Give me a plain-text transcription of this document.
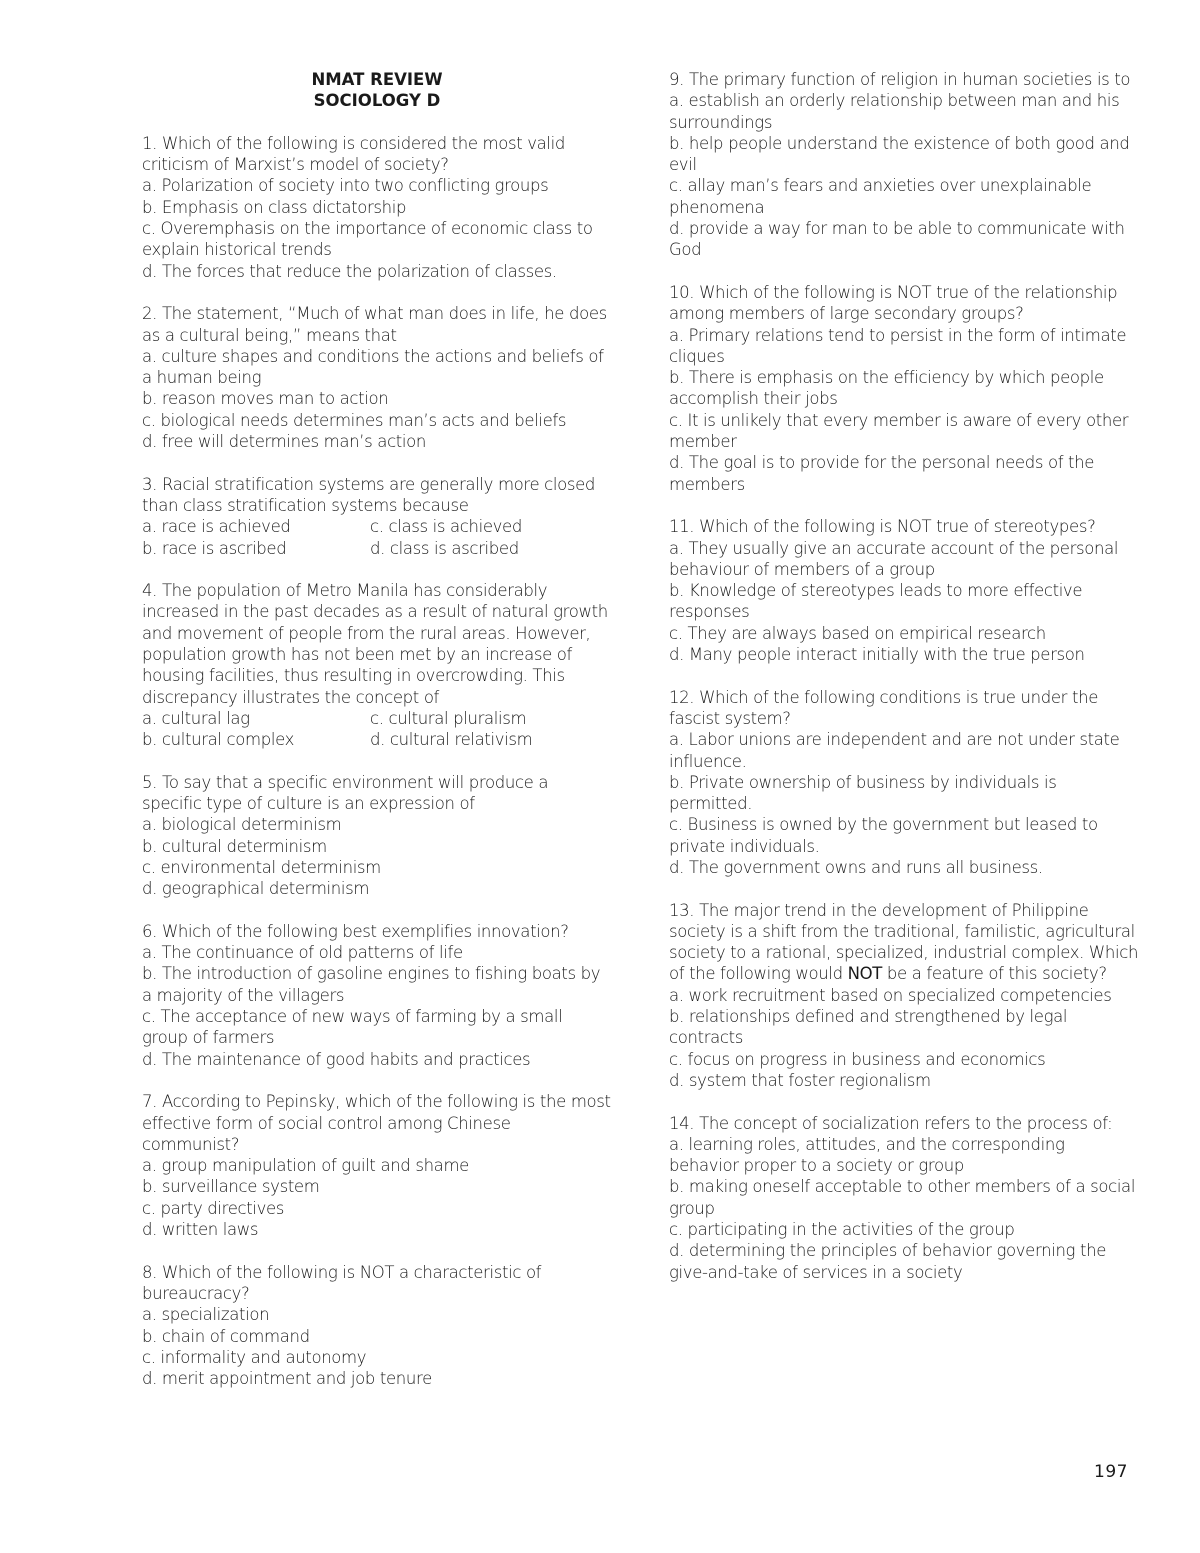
NMAT REVIEW
SOCIOLOGY D
1. Which of the following is considered the most valid criticism of Marxist’s model of society?
a. Polarization of society into two conflicting groups
b. Emphasis on class dictatorship
c. Overemphasis on the importance of economic class to explain historical trends
d. The forces that reduce the polarization of classes.
2. The statement, “Much of what man does in life, he does as a cultural being,” means that
a. culture shapes and conditions the actions and beliefs of a human being
b. reason moves man to action
c. biological needs determines man’s acts and beliefs
d. free will determines man’s action
3. Racial stratification systems are generally more closed than class stratification systems because
a. race is achieved	c. class is achieved
b. race is ascribed	d. class is ascribed
4. The population of Metro Manila has considerably increased in the past decades as a result of natural growth and movement of people from the rural areas. However, population growth has not been met by an increase of housing facilities, thus resulting in overcrowding. This discrepancy illustrates the concept of
a. cultural lag	c. cultural pluralism
b. cultural complex	d. cultural relativism
5. To say that a specific environment will produce a specific type of culture is an expression of
a. biological determinism
b. cultural determinism
c. environmental determinism
d. geographical determinism
6. Which of the following best exemplifies innovation?
a. The continuance of old patterns of life
b. The introduction of gasoline engines to fishing boats by a majority of the villagers
c. The acceptance of new ways of farming by a small group of farmers
d. The maintenance of good habits and practices
7. According to Pepinsky, which of the following is the most effective form of social control among Chinese communist?
a. group manipulation of guilt and shame
b. surveillance system
c. party directives
d. written laws
8. Which of the following is NOT a characteristic of bureaucracy?
a. specialization
b. chain of command
c. informality and autonomy
d. merit appointment and job tenure
9. The primary function of religion in human societies is to
a. establish an orderly relationship between man and his surroundings
b. help people understand the existence of both good and evil
c. allay man’s fears and anxieties over unexplainable phenomena
d. provide a way for man to be able to communicate with God
10. Which of the following is NOT true of the relationship among members of large secondary groups?
a. Primary relations tend to persist in the form of intimate cliques
b. There is emphasis on the efficiency by which people accomplish their jobs
c. It is unlikely that every member is aware of every other member
d. The goal is to provide for the personal needs of the members
11. Which of the following is NOT true of stereotypes?
a. They usually give an accurate account of the personal behaviour of members of a group
b. Knowledge of stereotypes leads to more effective responses
c. They are always based on empirical research
d. Many people interact initially with the true person
12. Which of the following conditions is true under the fascist system?
a. Labor unions are independent and are not under state influence.
b. Private ownership of business by individuals is permitted.
c. Business is owned by the government but leased to private individuals.
d. The government owns and runs all business.
13. The major trend in the development of Philippine society is a shift from the traditional, familistic, agricultural society to a rational, specialized, industrial complex. Which of the following would NOT be a feature of this society?
a. work recruitment based on specialized competencies
b. relationships defined and strengthened by legal contracts
c. focus on progress in business and economics
d. system that foster regionalism
14. The concept of socialization refers to the process of:
a. learning roles, attitudes, and the corresponding behavior proper to a society or group
b. making oneself acceptable to other members of a social group
c. participating in the activities of the group
d. determining the principles of behavior governing the give-and-take of services in a society
197
